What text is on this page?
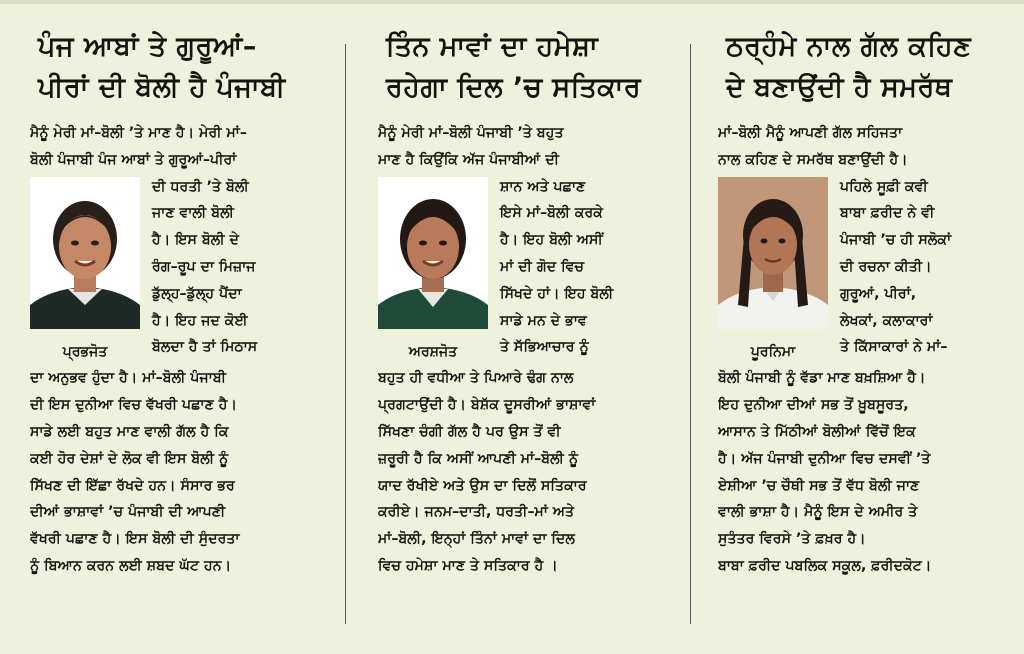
ਪੰਜ ਆਬਾਂ ਤੇ ਗੁਰੂਆਂ–
ਪੀਰਾਂ ਦੀ ਬੋਲੀ ਹੈ ਪੰਜਾਬੀ
ਮੈਨੂੰ ਮੇਰੀ ਮਾਂ–ਬੋਲੀ ’ਤੇ ਮਾਣ ਹੈ। ਮੇਰੀ ਮਾਂ–
ਬੋਲੀ ਪੰਜਾਬੀ ਪੰਜ ਆਬਾਂ ਤੇ ਗੁਰੂਆਂ–ਪੀਰਾਂ
ਪ੍ਰਭਜੋਤ
ਦੀ ਧਰਤੀ ’ਤੇ ਬੋਲੀ
ਜਾਣ ਵਾਲੀ ਬੋਲੀ
ਹੈ। ਇਸ ਬੋਲੀ ਦੇ
ਰੰਗ–ਰੂਪ ਦਾ ਮਿਜ਼ਾਜ
ਡੁੱਲ੍ਹ–ਡੁੱਲ੍ਹ ਪੈਂਦਾ
ਹੈ। ਇਹ ਜਦ ਕੋਈ
ਬੋਲਦਾ ਹੈ ਤਾਂ ਮਿਠਾਸ
ਦਾ ਅਨੁਭਵ ਹੁੰਦਾ ਹੈ। ਮਾਂ–ਬੋਲੀ ਪੰਜਾਬੀ
ਦੀ ਇਸ ਦੁਨੀਆ ਵਿਚ ਵੱਖਰੀ ਪਛਾਣ ਹੈ।
ਸਾਡੇ ਲਈ ਬਹੁਤ ਮਾਣ ਵਾਲੀ ਗੱਲ ਹੈ ਕਿ
ਕਈ ਹੋਰ ਦੇਸ਼ਾਂ ਦੇ ਲੋਕ ਵੀ ਇਸ ਬੋਲੀ ਨੂੰ
ਸਿੱਖਣ ਦੀ ਇੱਛਾ ਰੱਖਦੇ ਹਨ। ਸੰਸਾਰ ਭਰ
ਦੀਆਂ ਭਾਸ਼ਾਵਾਂ ’ਚ ਪੰਜਾਬੀ ਦੀ ਆਪਣੀ
ਵੱਖਰੀ ਪਛਾਣ ਹੈ। ਇਸ ਬੋਲੀ ਦੀ ਸੁੰਦਰਤਾ
ਨੂੰ ਬਿਆਨ ਕਰਨ ਲਈ ਸ਼ਬਦ ਘੱਟ ਹਨ।
ਤਿੰਨ ਮਾਵਾਂ ਦਾ ਹਮੇਸ਼ਾ
ਰਹੇਗਾ ਦਿਲ ’ਚ ਸਤਿਕਾਰ
ਮੈਨੂੰ ਮੇਰੀ ਮਾਂ–ਬੋਲੀ ਪੰਜਾਬੀ ’ਤੇ ਬਹੁਤ
ਮਾਣ ਹੈ ਕਿਉਂਕਿ ਅੱਜ ਪੰਜਾਬੀਆਂ ਦੀ
ਅਰਸ਼ਜੋਤ
ਸ਼ਾਨ ਅਤੇ ਪਛਾਣ
ਇਸੇ ਮਾਂ–ਬੋਲੀ ਕਰਕੇ
ਹੈ। ਇਹ ਬੋਲੀ ਅਸੀਂ
ਮਾਂ ਦੀ ਗੋਦ ਵਿਚ
ਸਿੱਖਦੇ ਹਾਂ। ਇਹ ਬੋਲੀ
ਸਾਡੇ ਮਨ ਦੇ ਭਾਵ
ਤੇ ਸੱਭਿਆਚਾਰ ਨੂੰ
ਬਹੁਤ ਹੀ ਵਧੀਆ ਤੇ ਪਿਆਰੇ ਢੰਗ ਨਾਲ
ਪ੍ਰਗਟਾਉਂਦੀ ਹੈ। ਬੇਸ਼ੱਕ ਦੂਸਰੀਆਂ ਭਾਸ਼ਾਵਾਂ
ਸਿੱਖਣਾ ਚੰਗੀ ਗੱਲ ਹੈ ਪਰ ਉਸ ਤੋਂ ਵੀ
ਜ਼ਰੂਰੀ ਹੈ ਕਿ ਅਸੀਂ ਆਪਣੀ ਮਾਂ–ਬੋਲੀ ਨੂੰ
ਯਾਦ ਰੱਖੀਏ ਅਤੇ ਉਸ ਦਾ ਦਿਲੋਂ ਸਤਿਕਾਰ
ਕਰੀਏ। ਜਨਮ–ਦਾਤੀ, ਧਰਤੀ–ਮਾਂ ਅਤੇ
ਮਾਂ–ਬੋਲੀ, ਇਨ੍ਹਾਂ ਤਿੰਨਾਂ ਮਾਵਾਂ ਦਾ ਦਿਲ
ਵਿਚ ਹਮੇਸ਼ਾ ਮਾਣ ਤੇ ਸਤਿਕਾਰ ਹੈ ।
ਠਰ੍ਹੰਮੇ ਨਾਲ ਗੱਲ ਕਹਿਣ
ਦੇ ਬਣਾਉਂਦੀ ਹੈ ਸਮਰੱਥ
ਮਾਂ–ਬੋਲੀ ਮੈਨੂੰ ਆਪਣੀ ਗੱਲ ਸਹਿਜਤਾ
ਨਾਲ ਕਹਿਣ ਦੇ ਸਮਰੱਥ ਬਣਾਉਂਦੀ ਹੈ।
ਪੂਰਨਿਮਾ
ਪਹਿਲੇ ਸੂਫ਼ੀ ਕਵੀ
ਬਾਬਾ ਫ਼ਰੀਦ ਨੇ ਵੀ
ਪੰਜਾਬੀ ’ਚ ਹੀ ਸਲੋਕਾਂ
ਦੀ ਰਚਨਾ ਕੀਤੀ।
ਗੁਰੂਆਂ, ਪੀਰਾਂ,
ਲੇਖਕਾਂ, ਕਲਾਕਾਰਾਂ
ਤੇ ਕਿੱਸਾਕਾਰਾਂ ਨੇ ਮਾਂ–
ਬੋਲੀ ਪੰਜਾਬੀ ਨੂੰ ਵੱਡਾ ਮਾਣ ਬਖ਼ਸ਼ਿਆ ਹੈ।
ਇਹ ਦੁਨੀਆ ਦੀਆਂ ਸਭ ਤੋਂ ਖ਼ੂਬਸੂਰਤ,
ਆਸਾਨ ਤੇ ਮਿੱਠੀਆਂ ਬੋਲੀਆਂ ਵਿੱਚੋਂ ਇਕ
ਹੈ। ਅੱਜ ਪੰਜਾਬੀ ਦੁਨੀਆ ਵਿਚ ਦਸਵੀਂ ’ਤੇ
ਏਸ਼ੀਆ ’ਚ ਚੌਥੀ ਸਭ ਤੋਂ ਵੱਧ ਬੋਲੀ ਜਾਣ
ਵਾਲੀ ਭਾਸ਼ਾ ਹੈ। ਮੈਨੂੰ ਇਸ ਦੇ ਅਮੀਰ ਤੇ
ਸੁਤੰਤਰ ਵਿਰਸੇ ’ਤੇ ਫ਼ਖ਼ਰ ਹੈ।
ਬਾਬਾ ਫ਼ਰੀਦ ਪਬਲਿਕ ਸਕੂਲ, ਫ਼ਰੀਦਕੋਟ।
